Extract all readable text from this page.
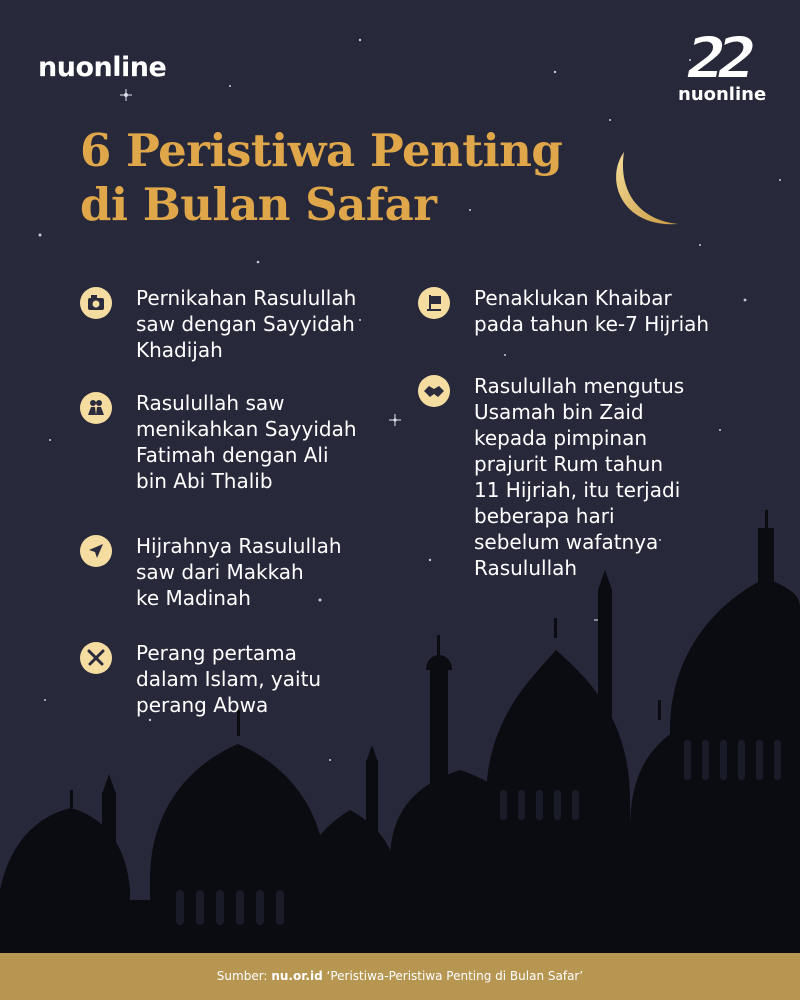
nuonline	22
nuonline
6 Peristiwa Penting
di Bulan Safar
Pernikahan Rasulullah
saw dengan Sayyidah
Khadijah
Rasulullah saw
menikahkan Sayyidah
Fatimah dengan Ali
bin Abi Thalib
Hijrahnya Rasulullah
saw dari Makkah
ke Madinah
Perang pertama
dalam Islam, yaitu
perang Abwa
Penaklukan Khaibar
pada tahun ke-7 Hijriah
Rasulullah mengutus
Usamah bin Zaid
kepada pimpinan
prajurit Rum tahun
11 Hijriah, itu terjadi
beberapa hari
sebelum wafatnya
Rasulullah
Sumber: nu.or.id ‘Peristiwa-Peristiwa Penting di Bulan Safar’
